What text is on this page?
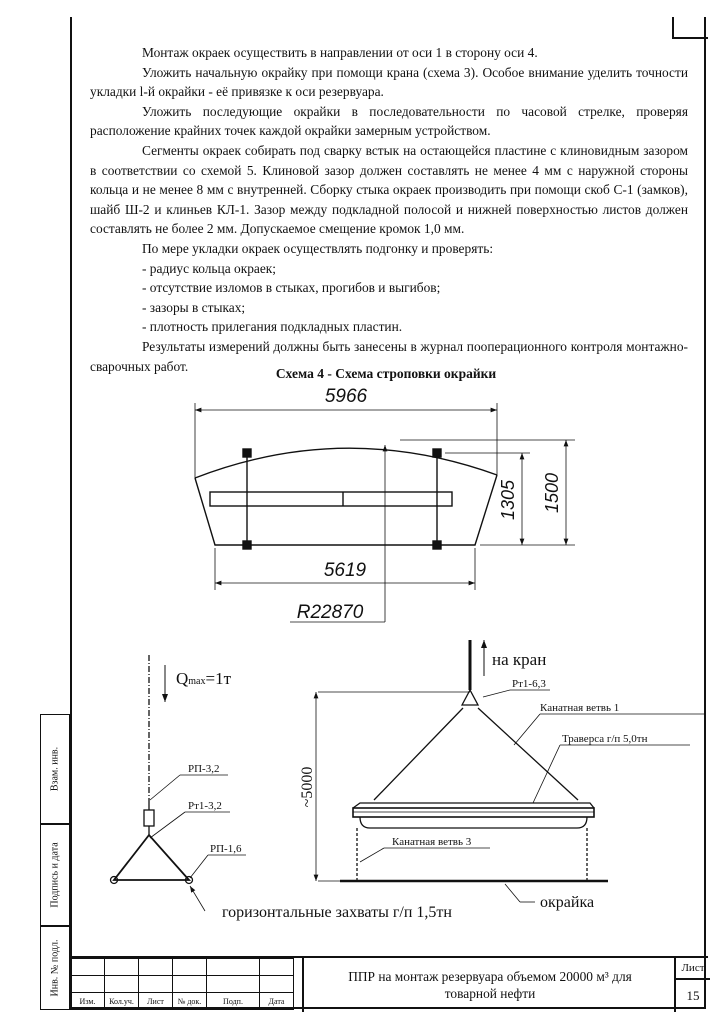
Монтаж окраек осуществить в направлении от оси 1 в сторону оси 4.

Уложить начальную окрайку при помощи крана (схема 3). Особое внимание уделить точности укладки l-й окрайки - её привязке к оси резервуара.

Уложить последующие окрайки в последовательности по часовой стрелке, проверяя расположение крайних точек каждой окрайки замерным устройством.

Сегменты окраек собирать под сварку встык на остающейся пластине с клиновидным зазором в соответствии со схемой 5. Клиновой зазор должен составлять не менее 4 мм с наружной стороны кольца и не менее 8 мм с внутренней. Сборку стыка окраек производить при помощи скоб С-1 (замков), шайб Ш-2 и клиньев КЛ-1. Зазор между подкладной полосой и нижней поверхностью листов должен составлять не более 2 мм. Допускаемое смещение кромок 1,0 мм.

По мере укладки окраек осуществлять подгонку и проверять:

- радиус кольца окраек;

- отсутствие изломов в стыках, прогибов и выгибов;

- зазоры в стыках;

- плотность прилегания подкладных пластин.

Результаты измерений должны быть занесены в журнал пооперационного контроля монтажно-сварочных работ.	Схема 4 - Схема строповки окрайки
5966
5619
R22870
1305 1500
Qmax=1т
РП-3,2
Рт1-3,2
РП-1,6
горизонтальные захваты г/п 1,5тн
на кран
Рт1-6,3
Канатная ветвь 1
Траверса г/п 5,0тн
Канатная ветвь 3
окрайка
~5000
Взам. инв.
Подпись и дата
Инв. № подл.

Изм.	Кол.уч.	Лист	№ док.	Подп.	Дата
ППР на монтаж резервуара объемом 20000 м³ для
товарной нефти
Лист
15
